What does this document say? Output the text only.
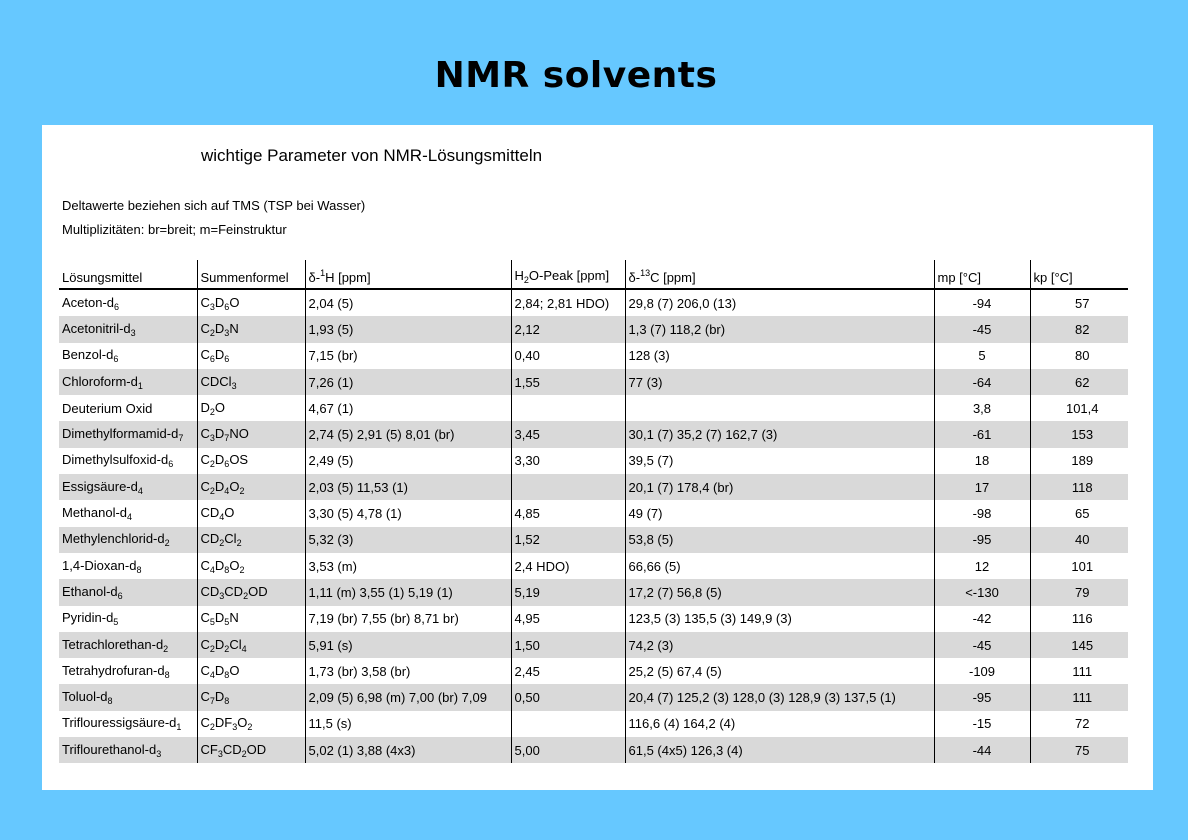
NMR solvents
wichtige Parameter von NMR-Lösungsmitteln
Deltawerte beziehen sich auf TMS (TSP bei Wasser)
Multiplizitäten: br=breit; m=Feinstruktur
Lösungsmittel	Summenformel	δ-$^1$H [ppm]	$H_2O$-Peak [ppm]	δ-$^{13}$C [ppm]	mp [°C]	kp [°C]
Aceton-$d_6$	$C_3D_6O$	2,04 (5)	2,84; 2,81 HDO)	29,8 (7) 206,0 (13)	-94	57
Acetonitril-$d_3$	$C_2D_3N$	1,93 (5)	2,12	1,3 (7) 118,2 (br)	-45	82
Benzol-$d_6$	$C_6D_6$	7,15 (br)	0,40	128 (3)	5	80
Chloroform-$d_1$	CDCl$_3$	7,26 (1)	1,55	77 (3)	-64	62
Deuterium Oxid	$D_2O$	4,67 (1)			3,8	101,4
Dimethylformamid-$d_7$	$C_3D_7NO$	2,74 (5) 2,91 (5) 8,01 (br)	3,45	30,1 (7) 35,2 (7) 162,7 (3)	-61	153
Dimethylsulfoxid-$d_6$	$C_2D_6OS$	2,49 (5)	3,30	39,5 (7)	18	189
Essigsäure-$d_4$	$C_2D_4O_2$	2,03 (5) 11,53 (1)		20,1 (7) 178,4 (br)	17	118
Methanol-$d_4$	$CD_4O$	3,30 (5) 4,78 (1)	4,85	49 (7)	-98	65
Methylenchlorid-$d_2$	$CD_2Cl_2$	5,32 (3)	1,52	53,8 (5)	-95	40
$1,4-Dioxan-d_8$	$C_4D_8O_2$	3,53 (m)	2,4 HDO)	66,66 (5)	12	101
Ethanol-$d_6$	$CD_3CD_2OD$	1,11 (m) 3,55 (1) 5,19 (1)	5,19	17,2 (7) 56,8 (5)	<-130	79
Pyridin-$d_5$	$C_5D_5N$	7,19 (br) 7,55 (br) 8,71 br)	4,95	123,5 (3) 135,5 (3) 149,9 (3)	-42	116
Tetrachlorethan-$d_2$	$C_2D_2Cl_4$	5,91 (s)	1,50	74,2 (3)	-45	145
Tetrahydrofuran-$d_8$	$C_4D_8O$	1,73 (br) 3,58 (br)	2,45	25,2 (5) 67,4 (5)	-109	111
Toluol-$d_8$	$C_7D_8$	2,09 (5) 6,98 (m) 7,00 (br) 7,09	0,50	20,4 (7) 125,2 (3) 128,0 (3) 128,9 (3) 137,5 (1)	-95	111
Triflouressigsäure-$d_1$	$C_2DF_3O_2$	11,5 (s)		116,6 (4) 164,2 (4)	-15	72
Triflourethanol-$d_3$	$CF_3CD_2OD$	5,02 (1) 3,88 (4x3)	5,00	61,5 (4x5) 126,3 (4)	-44	75
